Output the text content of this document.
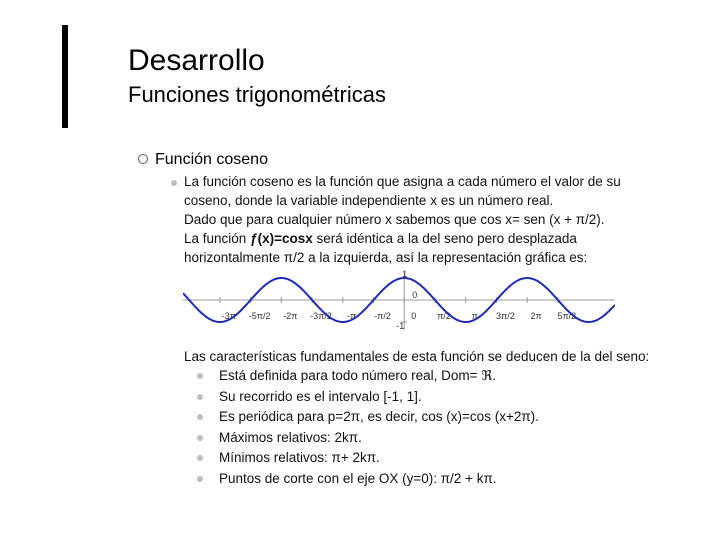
Desarrollo
Funciones trigonométricas
Función coseno
La función coseno es la función que asigna a cada número el valor de su
coseno, donde la variable independiente x es un número real.
Dado que para cualquier número x sabemos que cos x= sen (x + π/2).
La función ƒ(x)=cosx será idéntica a la del seno pero desplazada
horizontalmente π/2 a la izquierda, así la representación gráfica es:
-3π -5π/2 -2π -3π/2 -π -π/2 0 π/2 π 3π/2 2π 5π/2
1
0
-1
Las características fundamentales de esta función se deducen de la del seno:
Está definida para todo número real, Dom= ℜ.
Su recorrido es el intervalo [-1, 1].
Es periódica para p=2π, es decir, cos (x)=cos (x+2π).
Máximos relativos: 2kπ.
Mínimos relativos: π+ 2kπ.
Puntos de corte con el eje OX (y=0): π/2 + kπ.
